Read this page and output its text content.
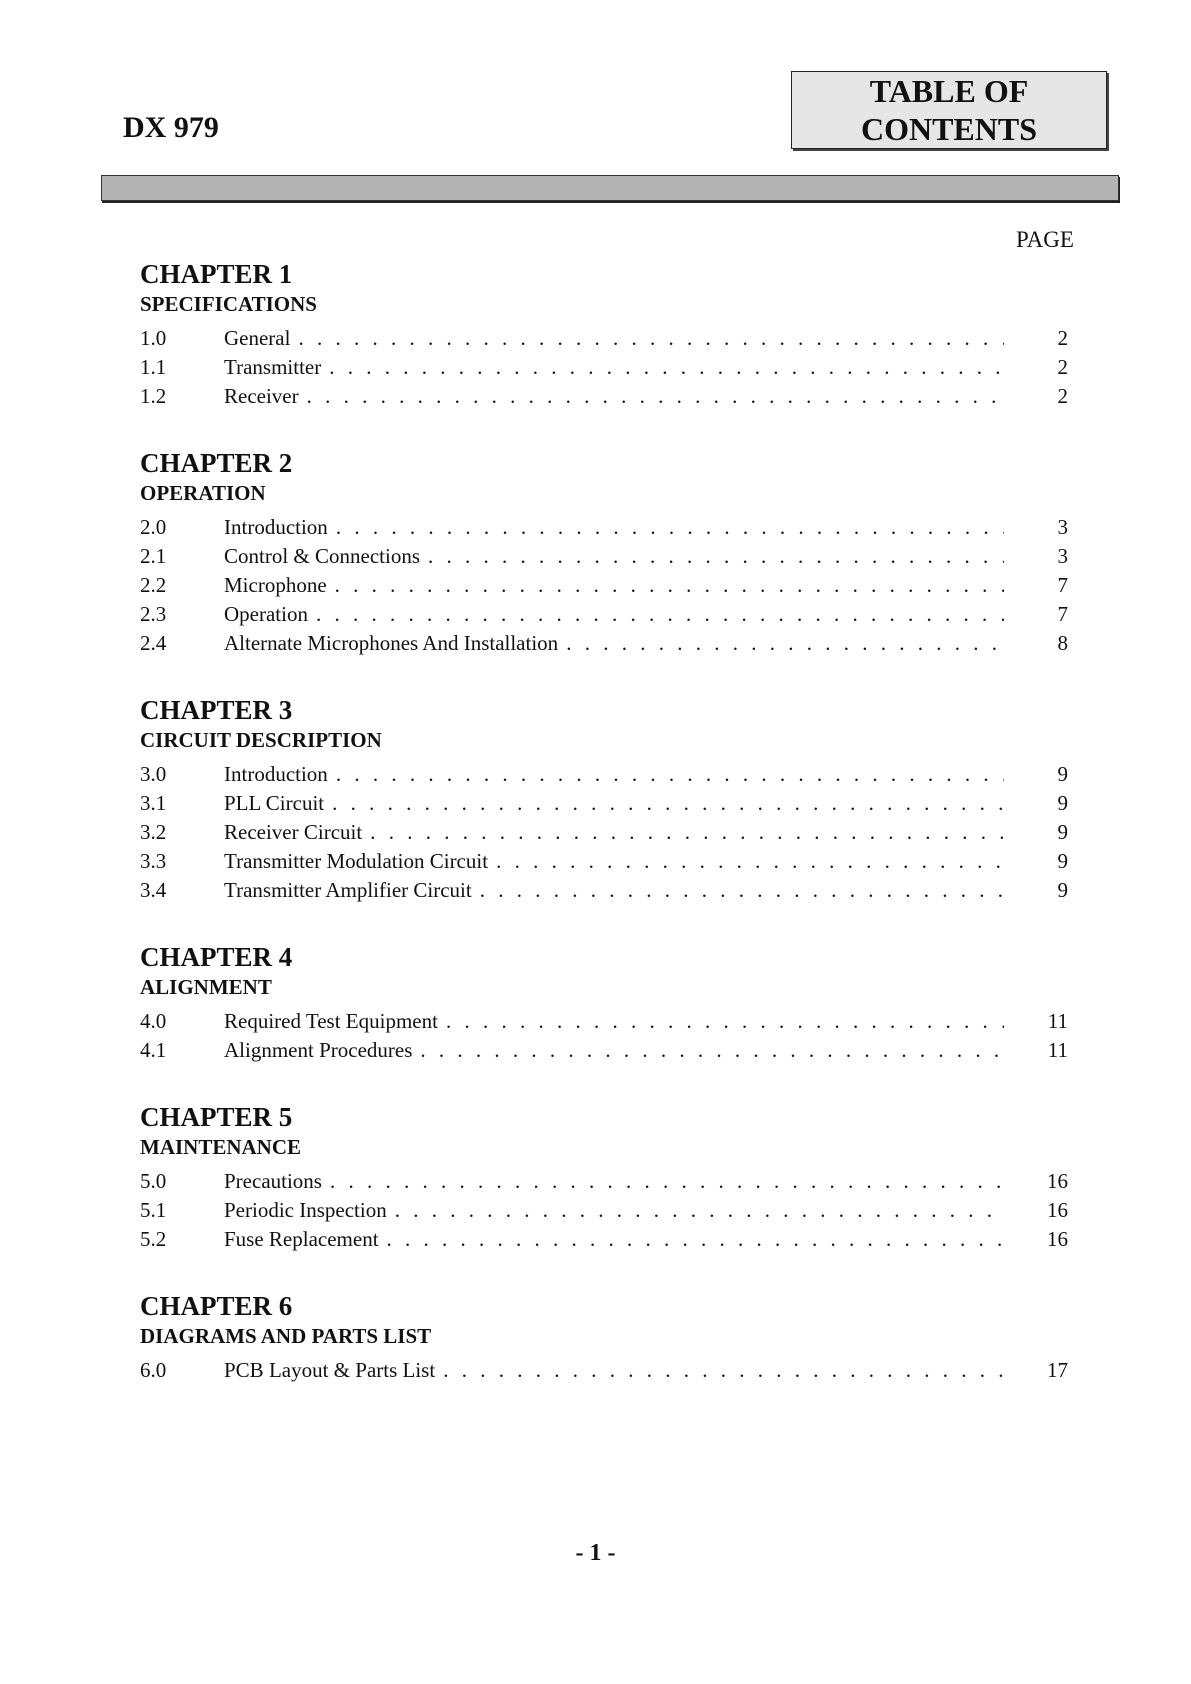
DX 979
TABLE OF
CONTENTS
PAGE
CHAPTER 1
SPECIFICATIONS
1.0	General . . .	2
1.1	Transmitter . . .	2
1.2	Receiver . . .	2
CHAPTER 2
OPERATION
2.0	Introduction . . .	3
2.1	Control & Connections . . .	3
2.2	Microphone . . .	7
2.3	Operation . . .	7
2.4	Alternate Microphones And Installation . . .	8
CHAPTER 3
CIRCUIT DESCRIPTION
3.0	Introduction . . .	9
3.1	PLL Circuit . . .	9
3.2	Receiver Circuit . . .	9
3.3	Transmitter Modulation Circuit . . .	9
3.4	Transmitter Amplifier Circuit . . .	9
CHAPTER 4
ALIGNMENT
4.0	Required Test Equipment . . .	11
4.1	Alignment Procedures . . .	11
CHAPTER 5
MAINTENANCE
5.0	Precautions . . .	16
5.1	Periodic Inspection . . .	16
5.2	Fuse Replacement . . .	16
CHAPTER 6
DIAGRAMS AND PARTS LIST
6.0	PCB Layout & Parts List . . .	17
- 1 -
